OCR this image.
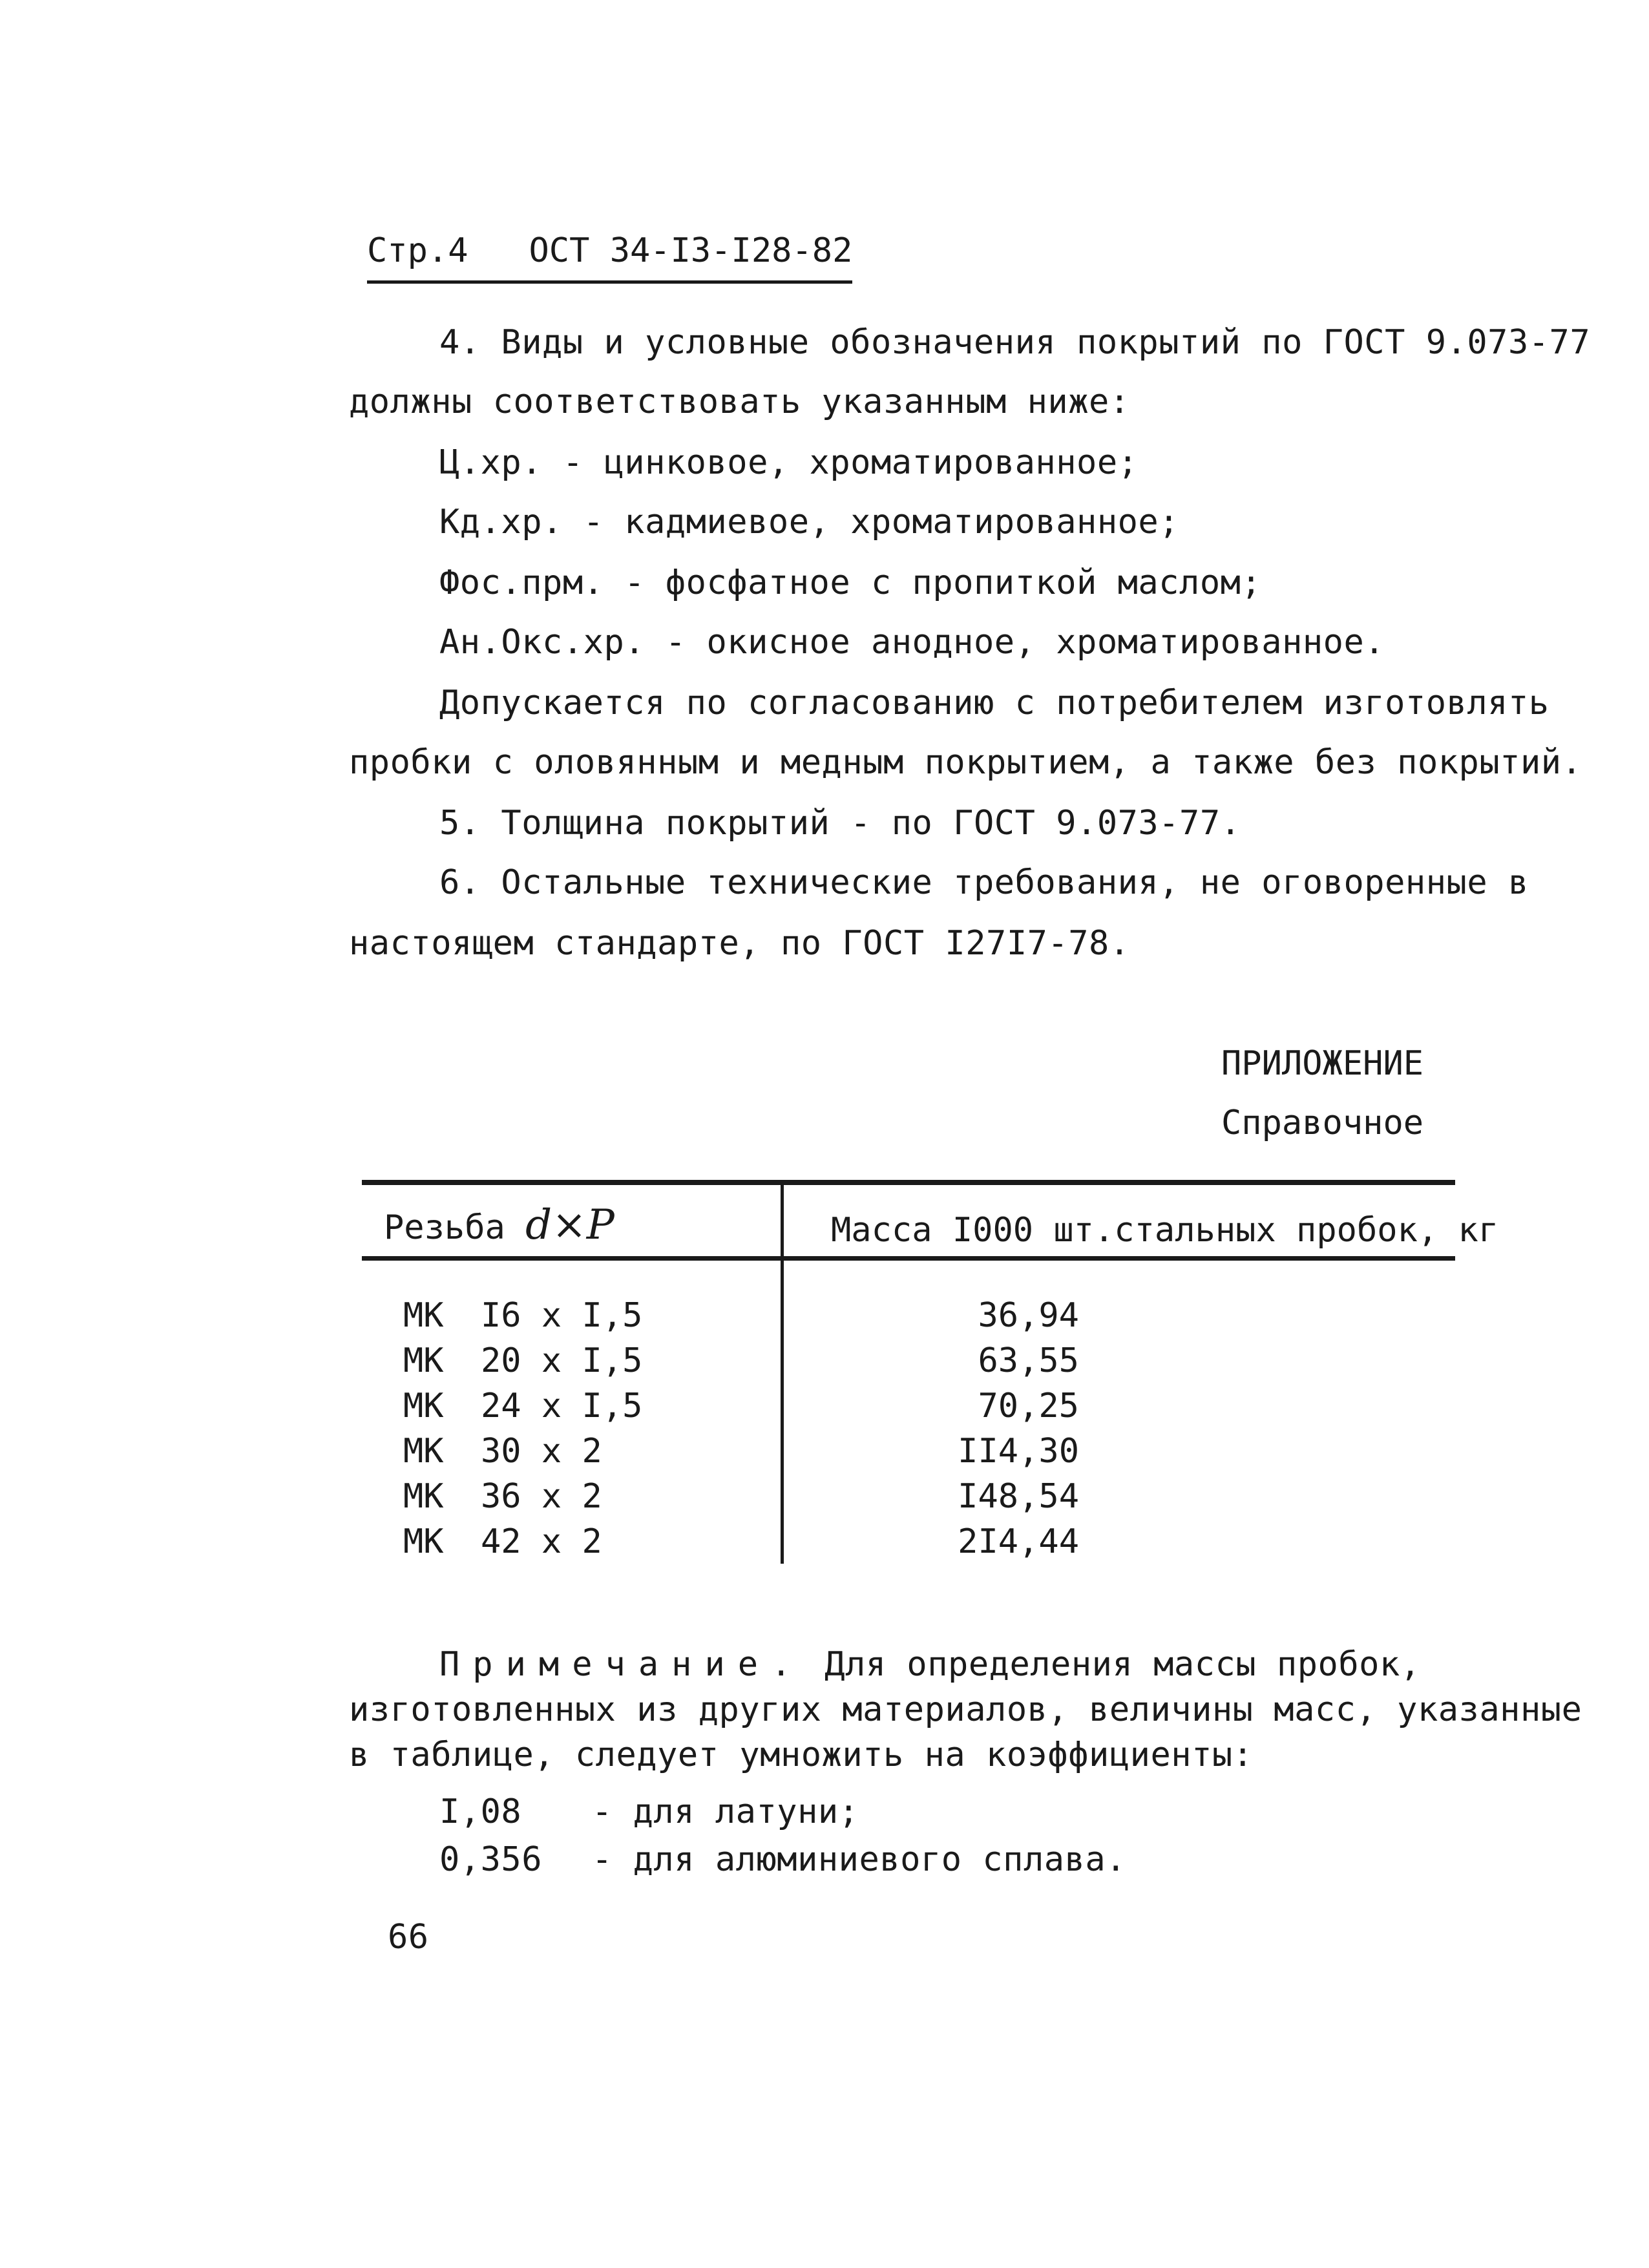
Стр.4 ОСТ 34-I3-I28-82
4. Виды и условные обозначения покрытий по ГОСТ 9.073-77
должны соответствовать указанным ниже:
Ц.хр. - цинковое, хроматированное;
Кд.хр. - кадмиевое, хроматированное;
Фос.прм. - фосфатное с пропиткой маслом;
Ан.Окс.хр. - окисное анодное, хроматированное.
Допускается по согласованию с потребителем изготовлять
пробки с оловянным и медным покрытием, а также без покрытий.
5. Толщина покрытий - по ГОСТ 9.073-77.
6. Остальные технические требования, не оговоренные в
настоящем стандарте, по ГОСТ I27I7-78.
ПРИЛОЖЕНИЕ
Справочное
Резьба d×P	Масса I000 шт.стальных пробок, кг
МК I6 x I,5	36,94
МК 20 x I,5	63,55
МК 24 x I,5	70,25
МК 30 x 2	II4,30
МК 36 x 2	I48,54
МК 42 x 2	2I4,44
Примечание. Для определения массы пробок,
изготовленных из других материалов, величины масс, указанные
в таблице, следует умножить на коэффициенты:
I,08 - для латуни;
0,356 - для алюминиевого сплава.
66
